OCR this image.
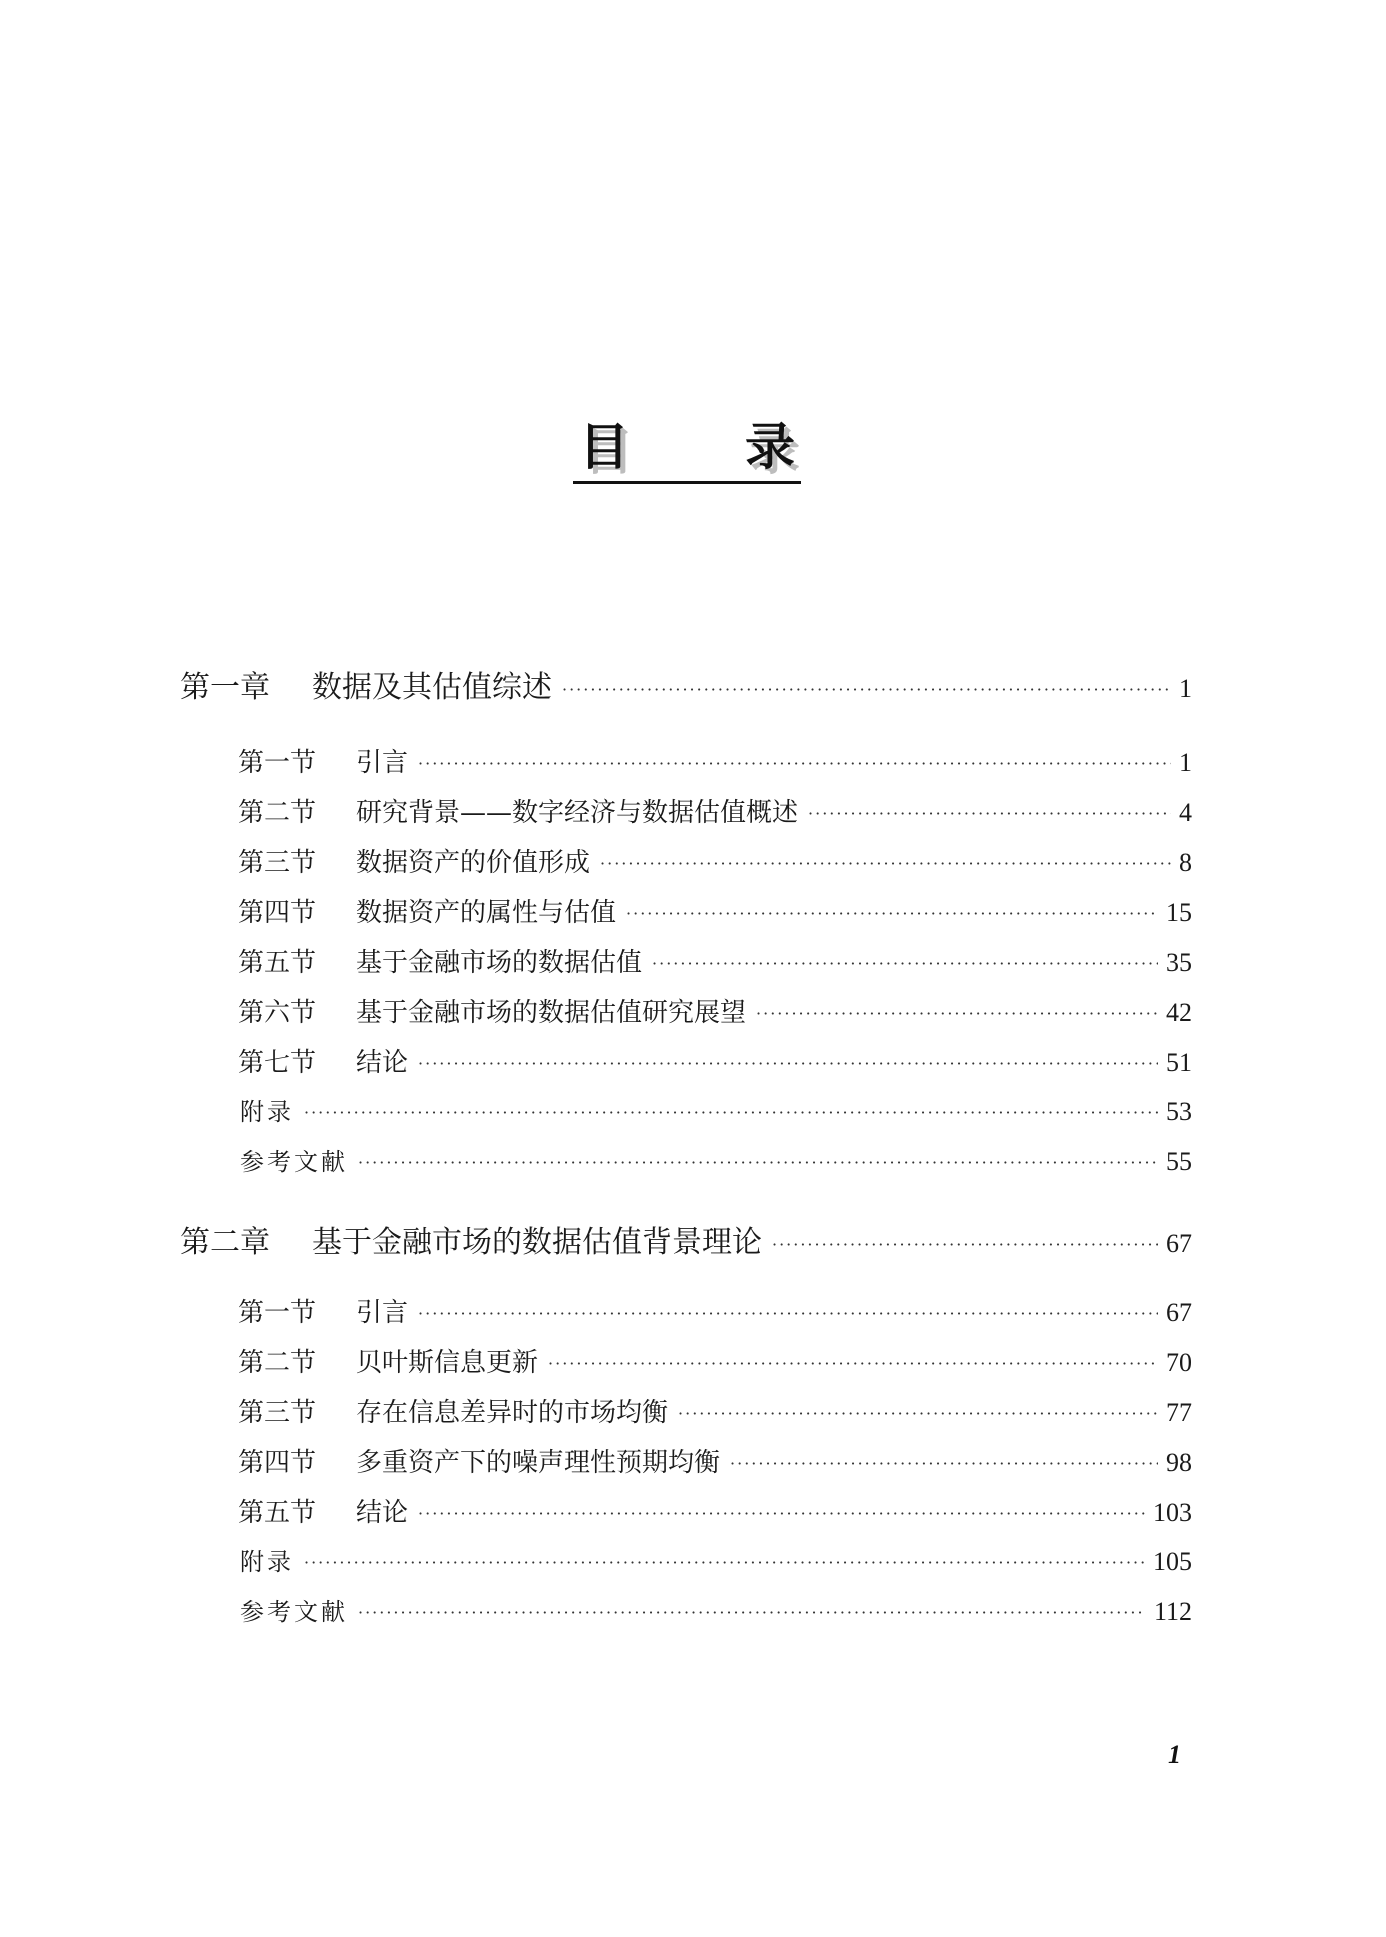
目 录
第一章	数据及其估值综述 ·····	1
第一节	引言 ·····	1
第二节	研究背景——数字经济与数据估值概述 ·····	4
第三节	数据资产的价值形成 ·····	8
第四节	数据资产的属性与估值 ·····	15
第五节	基于金融市场的数据估值 ·····	35
第六节	基于金融市场的数据估值研究展望 ·····	42
第七节	结论 ·····	51
附录 ·····	53
参考文献 ·····	55
第二章	基于金融市场的数据估值背景理论 ·····	67
第一节	引言 ·····	67
第二节	贝叶斯信息更新 ·····	70
第三节	存在信息差异时的市场均衡 ·····	77
第四节	多重资产下的噪声理性预期均衡 ·····	98
第五节	结论 ·····	103
附录 ·····	105
参考文献 ·····	112
1
